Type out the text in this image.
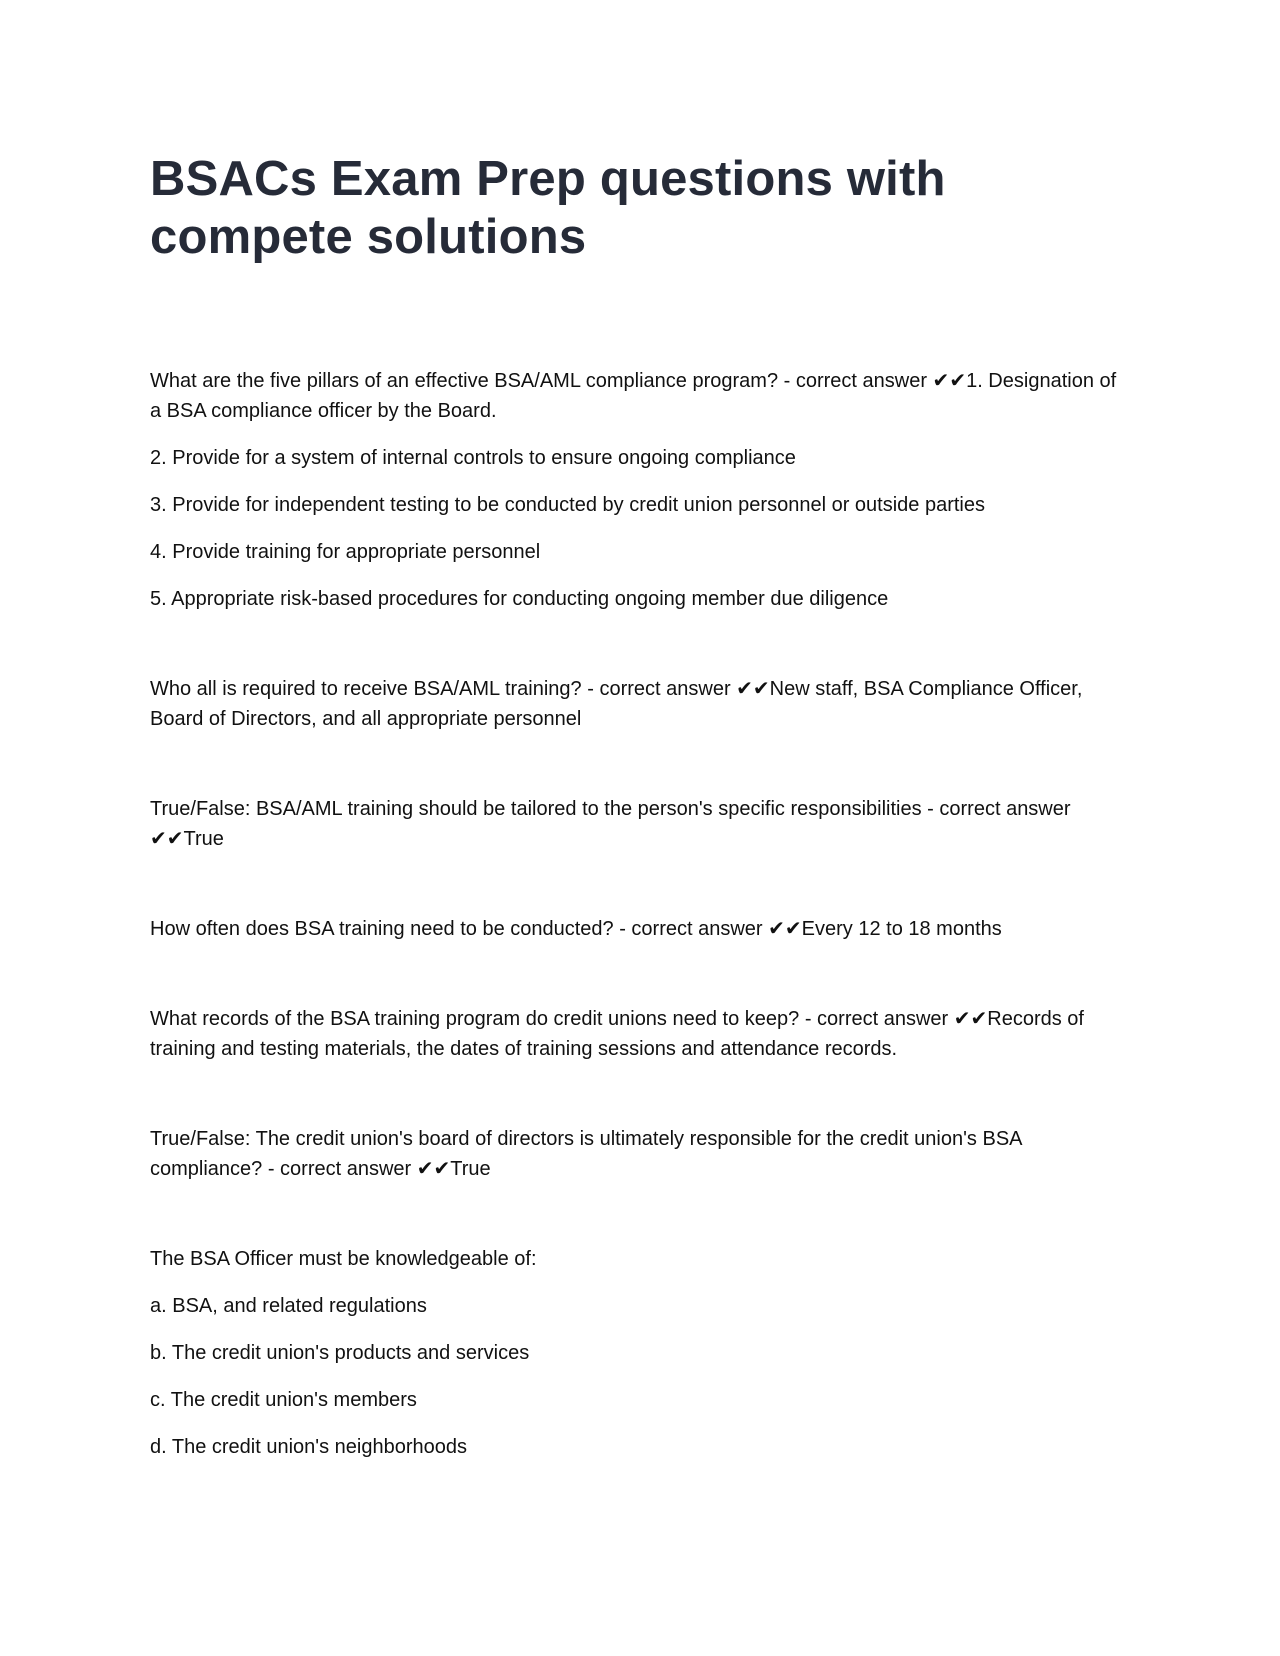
BSACs Exam Prep questions with compete solutions

What are the five pillars of an effective BSA/AML compliance program? - correct answer ✔✔1. Designation of a BSA compliance officer by the Board.

2. Provide for a system of internal controls to ensure ongoing compliance

3. Provide for independent testing to be conducted by credit union personnel or outside parties

4. Provide training for appropriate personnel

5. Appropriate risk-based procedures for conducting ongoing member due diligence

Who all is required to receive BSA/AML training? - correct answer ✔✔New staff, BSA Compliance Officer, Board of Directors, and all appropriate personnel

True/False: BSA/AML training should be tailored to the person's specific responsibilities - correct answer ✔✔True

How often does BSA training need to be conducted? - correct answer ✔✔Every 12 to 18 months

What records of the BSA training program do credit unions need to keep? - correct answer ✔✔Records of training and testing materials, the dates of training sessions and attendance records.

True/False: The credit union's board of directors is ultimately responsible for the credit union's BSA compliance? - correct answer ✔✔True

The BSA Officer must be knowledgeable of:

a. BSA, and related regulations

b. The credit union's products and services

c. The credit union's members

d. The credit union's neighborhoods
